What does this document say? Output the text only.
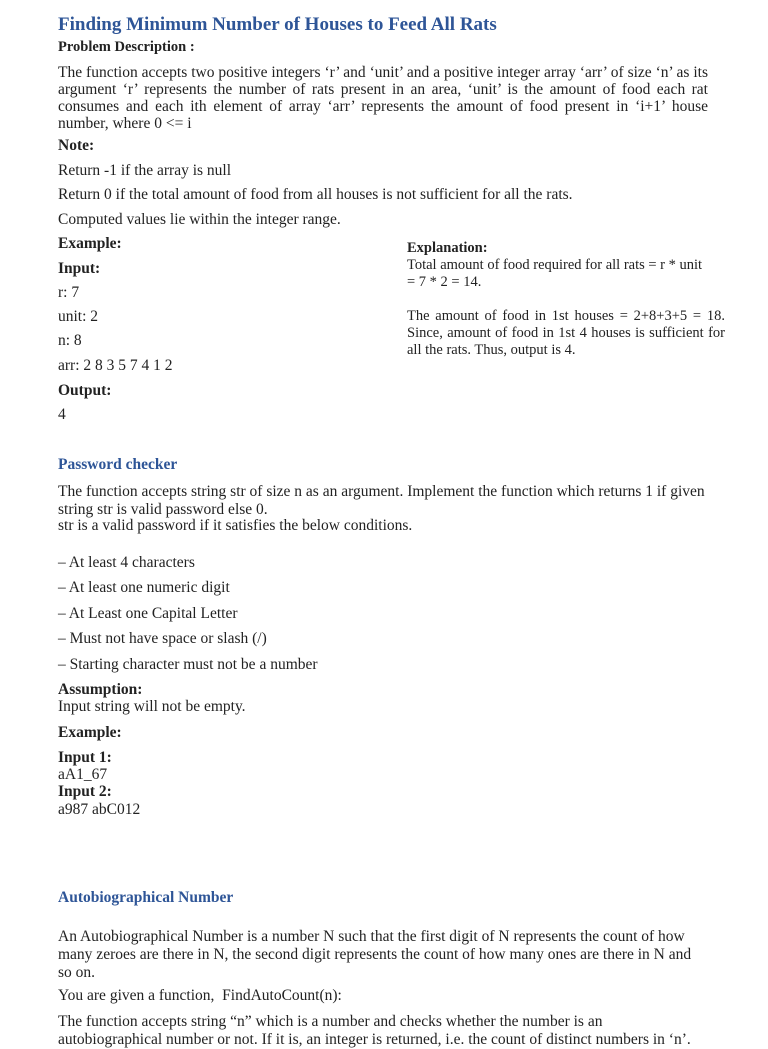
Finding Minimum Number of Houses to Feed All Rats
Problem Description :
The function accepts two positive integers ‘r’ and ‘unit’ and a positive integer array ‘arr’ of size ‘n’ as its argument ‘r’ represents the number of rats present in an area, ‘unit’ is the amount of food each rat consumes and each ith element of array ‘arr’ represents the amount of food present in ‘i+1’ house number, where 0 <= i
Note:
Return -1 if the array is null
Return 0 if the total amount of food from all houses is not sufficient for all the rats.
Computed values lie within the integer range.
Example:
Input:
r: 7
unit: 2
n: 8
arr: 2 8 3 5 7 4 1 2
Output:
4
Explanation:
Total amount of food required for all rats = r * unit
= 7 * 2 = 14.
The amount of food in 1st houses = 2+8+3+5 = 18. Since, amount of food in 1st 4 houses is sufficient for all the rats. Thus, output is 4.
Password checker
The function accepts string str of size n as an argument. Implement the function which returns 1 if given string str is valid password else 0.
str is a valid password if it satisfies the below conditions.
– At least 4 characters
– At least one numeric digit
– At Least one Capital Letter
– Must not have space or slash (/)
– Starting character must not be a number
Assumption:
Input string will not be empty.
Example:
Input 1:
aA1_67
Input 2:
a987 abC012
Autobiographical Number
An Autobiographical Number is a number N such that the first digit of N represents the count of how many zeroes are there in N, the second digit represents the count of how many ones are there in N and so on.
You are given a function,  FindAutoCount(n):
The function accepts string “n” which is a number and checks whether the number is an autobiographical number or not. If it is, an integer is returned, i.e. the count of distinct numbers in ‘n’.
